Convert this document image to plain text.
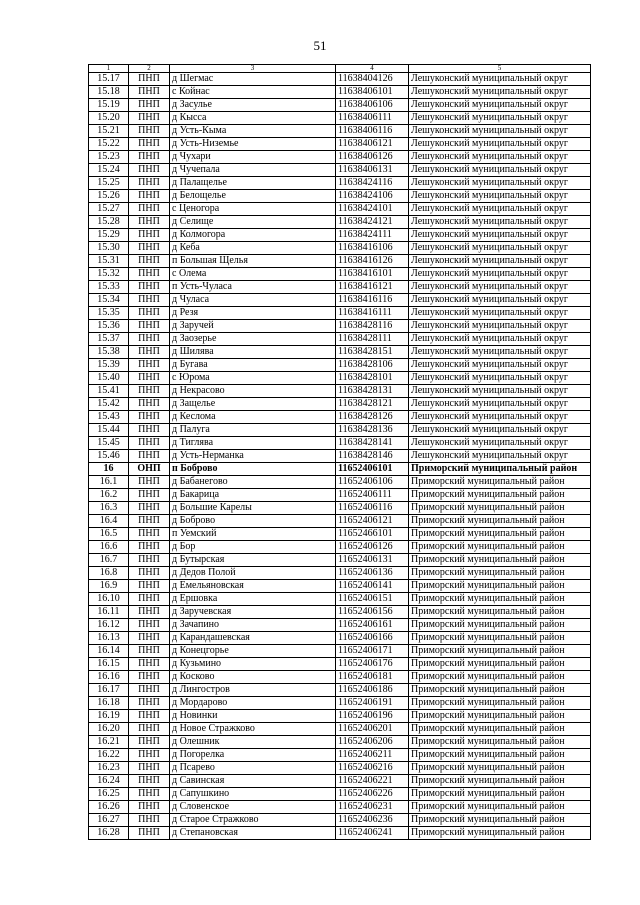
51
1	2	3	4	5
15.17	ПНП	д Шегмас	11638404126	Лешуконский муниципальный округ
15.18	ПНП	с Койнас	11638406101	Лешуконский муниципальный округ
15.19	ПНП	д Засулье	11638406106	Лешуконский муниципальный округ
15.20	ПНП	д Кысса	11638406111	Лешуконский муниципальный округ
15.21	ПНП	д Усть-Кыма	11638406116	Лешуконский муниципальный округ
15.22	ПНП	д Усть-Низемье	11638406121	Лешуконский муниципальный округ
15.23	ПНП	д Чухари	11638406126	Лешуконский муниципальный округ
15.24	ПНП	д Чучепала	11638406131	Лешуконский муниципальный округ
15.25	ПНП	д Палащелье	11638424116	Лешуконский муниципальный округ
15.26	ПНП	д Белощелье	11638424106	Лешуконский муниципальный округ
15.27	ПНП	с Ценогора	11638424101	Лешуконский муниципальный округ
15.28	ПНП	д Селище	11638424121	Лешуконский муниципальный округ
15.29	ПНП	д Колмогора	11638424111	Лешуконский муниципальный округ
15.30	ПНП	д Кеба	11638416106	Лешуконский муниципальный округ
15.31	ПНП	п Большая Щелья	11638416126	Лешуконский муниципальный округ
15.32	ПНП	с Олема	11638416101	Лешуконский муниципальный округ
15.33	ПНП	п Усть-Чуласа	11638416121	Лешуконский муниципальный округ
15.34	ПНП	д Чуласа	11638416116	Лешуконский муниципальный округ
15.35	ПНП	д Резя	11638416111	Лешуконский муниципальный округ
15.36	ПНП	д Заручей	11638428116	Лешуконский муниципальный округ
15.37	ПНП	д Заозерье	11638428111	Лешуконский муниципальный округ
15.38	ПНП	д Шилява	11638428151	Лешуконский муниципальный округ
15.39	ПНП	д Бугава	11638428106	Лешуконский муниципальный округ
15.40	ПНП	с Юрома	11638428101	Лешуконский муниципальный округ
15.41	ПНП	д Некрасово	11638428131	Лешуконский муниципальный округ
15.42	ПНП	д Защелье	11638428121	Лешуконский муниципальный округ
15.43	ПНП	д Кеслома	11638428126	Лешуконский муниципальный округ
15.44	ПНП	д Палуга	11638428136	Лешуконский муниципальный округ
15.45	ПНП	д Тиглява	11638428141	Лешуконский муниципальный округ
15.46	ПНП	д Усть-Нерманка	11638428146	Лешуконский муниципальный округ
16	ОНП	п Боброво	11652406101	Приморский муниципальный район
16.1	ПНП	д Бабанегово	11652406106	Приморский муниципальный район
16.2	ПНП	д Бакарица	11652406111	Приморский муниципальный район
16.3	ПНП	д Большие Карелы	11652406116	Приморский муниципальный район
16.4	ПНП	д Боброво	11652406121	Приморский муниципальный район
16.5	ПНП	п Уемский	11652466101	Приморский муниципальный район
16.6	ПНП	д Бор	11652406126	Приморский муниципальный район
16.7	ПНП	д Бутырская	11652406131	Приморский муниципальный район
16.8	ПНП	д Дедов Полой	11652406136	Приморский муниципальный район
16.9	ПНП	д Емельяновская	11652406141	Приморский муниципальный район
16.10	ПНП	д Ершовка	11652406151	Приморский муниципальный район
16.11	ПНП	д Заручевская	11652406156	Приморский муниципальный район
16.12	ПНП	д Зачапино	11652406161	Приморский муниципальный район
16.13	ПНП	д Карандашевская	11652406166	Приморский муниципальный район
16.14	ПНП	д Конецгорье	11652406171	Приморский муниципальный район
16.15	ПНП	д Кузьмино	11652406176	Приморский муниципальный район
16.16	ПНП	д Косково	11652406181	Приморский муниципальный район
16.17	ПНП	д Лингостров	11652406186	Приморский муниципальный район
16.18	ПНП	д Мордарово	11652406191	Приморский муниципальный район
16.19	ПНП	д Новинки	11652406196	Приморский муниципальный район
16.20	ПНП	д Новое Стражково	11652406201	Приморский муниципальный район
16.21	ПНП	д Олешник	11652406206	Приморский муниципальный район
16.22	ПНП	д Погорелка	11652406211	Приморский муниципальный район
16.23	ПНП	д Псарево	11652406216	Приморский муниципальный район
16.24	ПНП	д Савинская	11652406221	Приморский муниципальный район
16.25	ПНП	д Сапушкино	11652406226	Приморский муниципальный район
16.26	ПНП	д Словенское	11652406231	Приморский муниципальный район
16.27	ПНП	д Старое Стражково	11652406236	Приморский муниципальный район
16.28	ПНП	д Степановская	11652406241	Приморский муниципальный район
